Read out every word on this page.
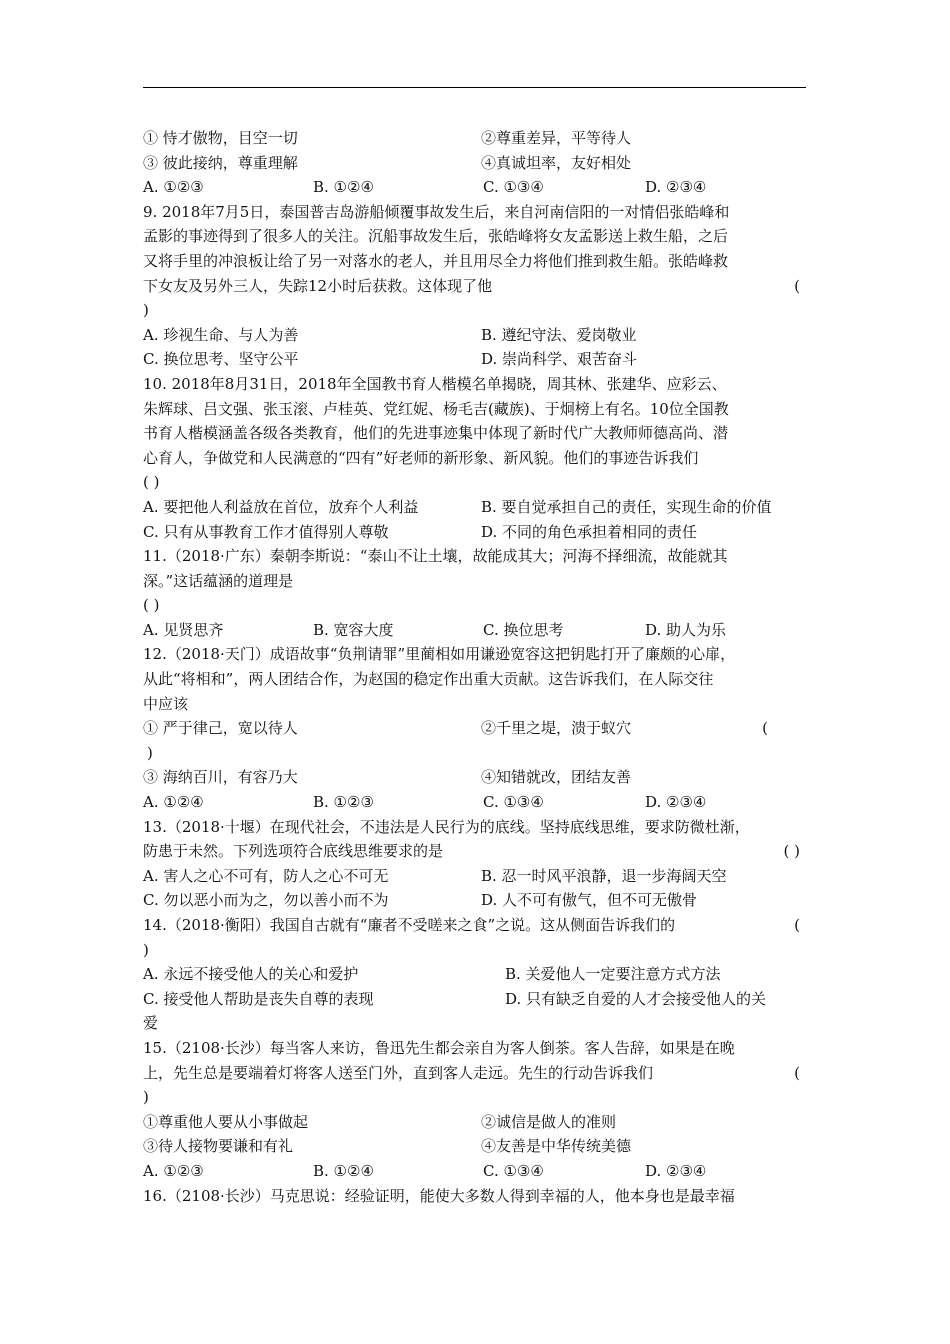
① 恃才傲物，目空一切	②尊重差异，平等待人
③ 彼此接纳，尊重理解	④真诚坦率，友好相处
A. ①②③	B. ①②④	C. ①③④	D. ②③④
9. 2018年7月5日，泰国普吉岛游船倾覆事故发生后，来自河南信阳的一对情侣张皓峰和
孟影的事迹得到了很多人的关注。沉船事故发生后，张皓峰将女友孟影送上救生船，之后
又将手里的冲浪板让给了另一对落水的老人，并且用尽全力将他们推到救生船。张皓峰救
下女友及另外三人，失踪12小时后获救。这体现了他	(
)
A. 珍视生命、与人为善	B. 遵纪守法、爱岗敬业
C. 换位思考、坚守公平	D. 崇尚科学、艰苦奋斗
10. 2018年8月31日，2018年全国教书育人楷模名单揭晓，周其林、张建华、应彩云、
朱辉球、吕文强、张玉滚、卢桂英、党红妮、杨毛吉(藏族)、于炯榜上有名。10位全国教
书育人楷模涵盖各级各类教育，他们的先进事迹集中体现了新时代广大教师师德高尚、潜
心育人，争做党和人民满意的“四有”好老师的新形象、新风貌。他们的事迹告诉我们
( )
A. 要把他人利益放在首位，放弃个人利益	B. 要自觉承担自己的责任，实现生命的价值
C. 只有从事教育工作才值得别人尊敬	D. 不同的角色承担着相同的责任
11.（2018·广东）秦朝李斯说：“泰山不让土壤，故能成其大；河海不择细流，故能就其
深。”这话蕴涵的道理是
( )
A. 见贤思齐	B. 宽容大度	C. 换位思考	D. 助人为乐
12.（2018·天门）成语故事“负荆请罪”里蔺相如用谦逊宽容这把钥匙打开了廉颇的心扉，
从此“将相和”，两人团结合作，为赵国的稳定作出重大贡献。这告诉我们，在人际交往
中应该
① 严于律己，宽以待人	②千里之堤，溃于蚁穴	(
)
③ 海纳百川，有容乃大	④知错就改，团结友善
A. ①②④	B. ①②③	C. ①③④	D. ②③④
13.（2018·十堰）在现代社会，不违法是人民行为的底线。坚持底线思维，要求防微杜渐，
防患于未然。下列选项符合底线思维要求的是	( )
A. 害人之心不可有，防人之心不可无	B. 忍一时风平浪静，退一步海阔天空
C. 勿以恶小而为之，勿以善小而不为	D. 人不可有傲气，但不可无傲骨
14.（2018·衡阳）我国自古就有“廉者不受嗟来之食”之说。这从侧面告诉我们的	(
)
A. 永远不接受他人的关心和爱护	B. 关爱他人一定要注意方式方法
C. 接受他人帮助是丧失自尊的表现	D. 只有缺乏自爱的人才会接受他人的关
爱
15.（2108·长沙）每当客人来访，鲁迅先生都会亲自为客人倒茶。客人告辞，如果是在晚
上，先生总是要端着灯将客人送至门外，直到客人走远。先生的行动告诉我们	(
)
①尊重他人要从小事做起	②诚信是做人的准则
③待人接物要谦和有礼	④友善是中华传统美德
A. ①②③	B. ①②④	C. ①③④	D. ②③④
16.（2108·长沙）马克思说：经验证明，能使大多数人得到幸福的人，他本身也是最幸福
